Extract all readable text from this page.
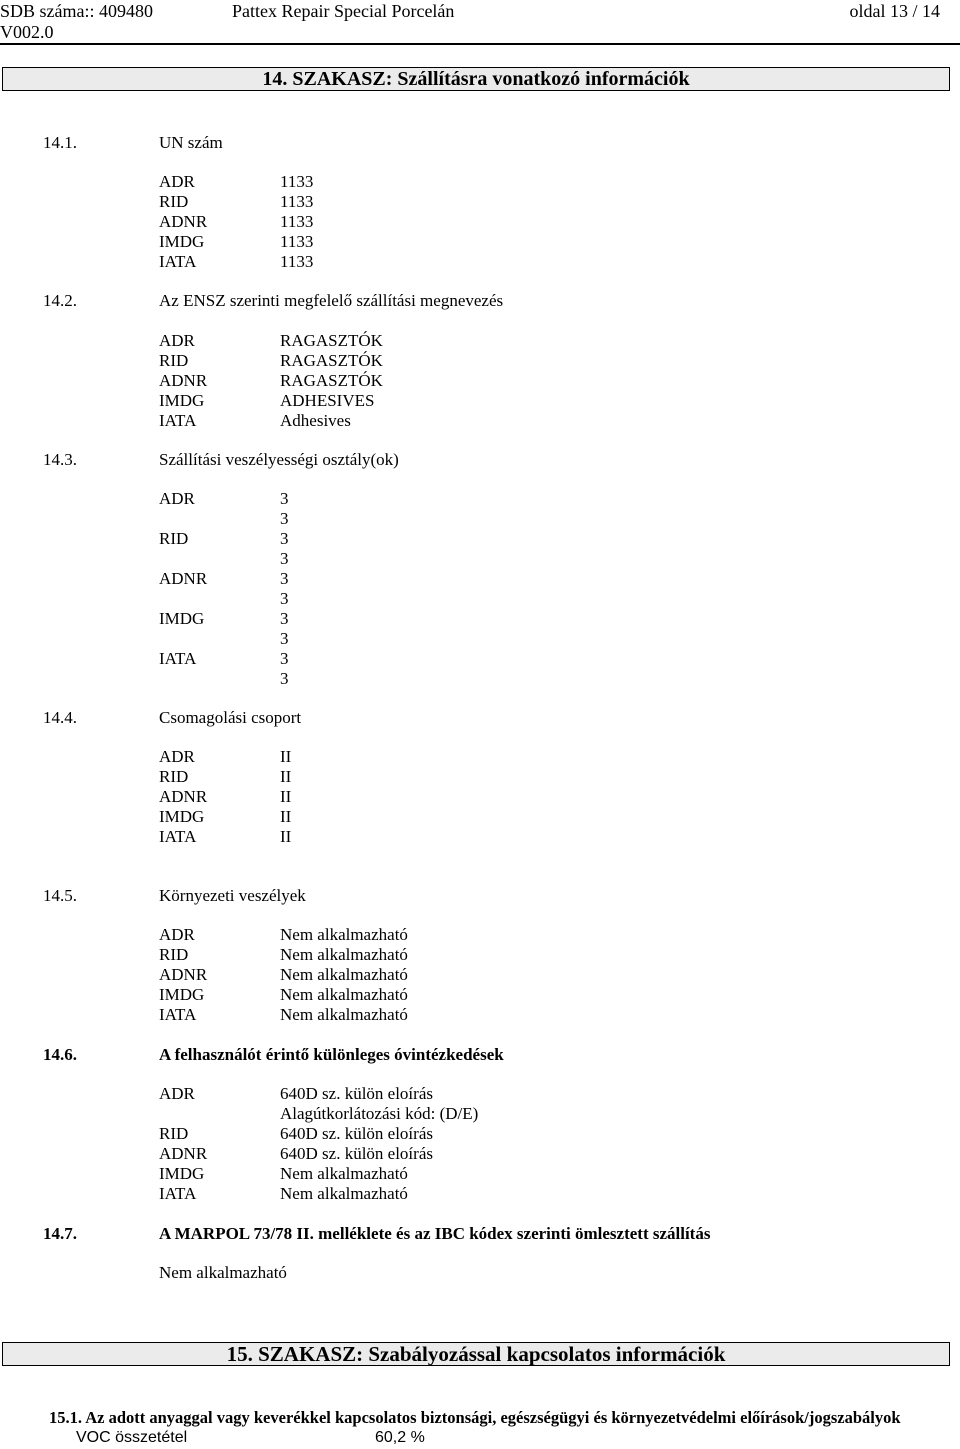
SDB száma:: 409480
V002.0
Pattex Repair Special Porcelán	oldal 13 / 14
14. SZAKASZ: Szállításra vonatkozó információk
14.1.	UN szám
ADR	1133
RID	1133
ADNR	1133
IMDG	1133
IATA	1133
14.2.	Az ENSZ szerinti megfelelő szállítási megnevezés
ADR	RAGASZTÓK
RID	RAGASZTÓK
ADNR	RAGASZTÓK
IMDG	ADHESIVES
IATA	Adhesives
14.3.	Szállítási veszélyességi osztály(ok)
ADR	3
3
RID	3
3
ADNR	3
3
IMDG	3
3
IATA	3
3
14.4.	Csomagolási csoport
ADR	II
RID	II
ADNR	II
IMDG	II
IATA	II
14.5.	Környezeti veszélyek
ADR	Nem alkalmazható
RID	Nem alkalmazható
ADNR	Nem alkalmazható
IMDG	Nem alkalmazható
IATA	Nem alkalmazható
14.6.	A felhasználót érintő különleges óvintézkedések
ADR	640D sz. külön eloírás
Alagútkorlátozási kód: (D/E)
RID	640D sz. külön eloírás
ADNR	640D sz. külön eloírás
IMDG	Nem alkalmazható
IATA	Nem alkalmazható
14.7.	A MARPOL 73/78 II. melléklete és az IBC kódex szerinti ömlesztett szállítás
Nem alkalmazható
15. SZAKASZ: Szabályozással kapcsolatos információk
15.1. Az adott anyaggal vagy keverékkel kapcsolatos biztonsági, egészségügyi és környezetvédelmi előírások/jogszabályok
VOC összetétel	60,2 %
